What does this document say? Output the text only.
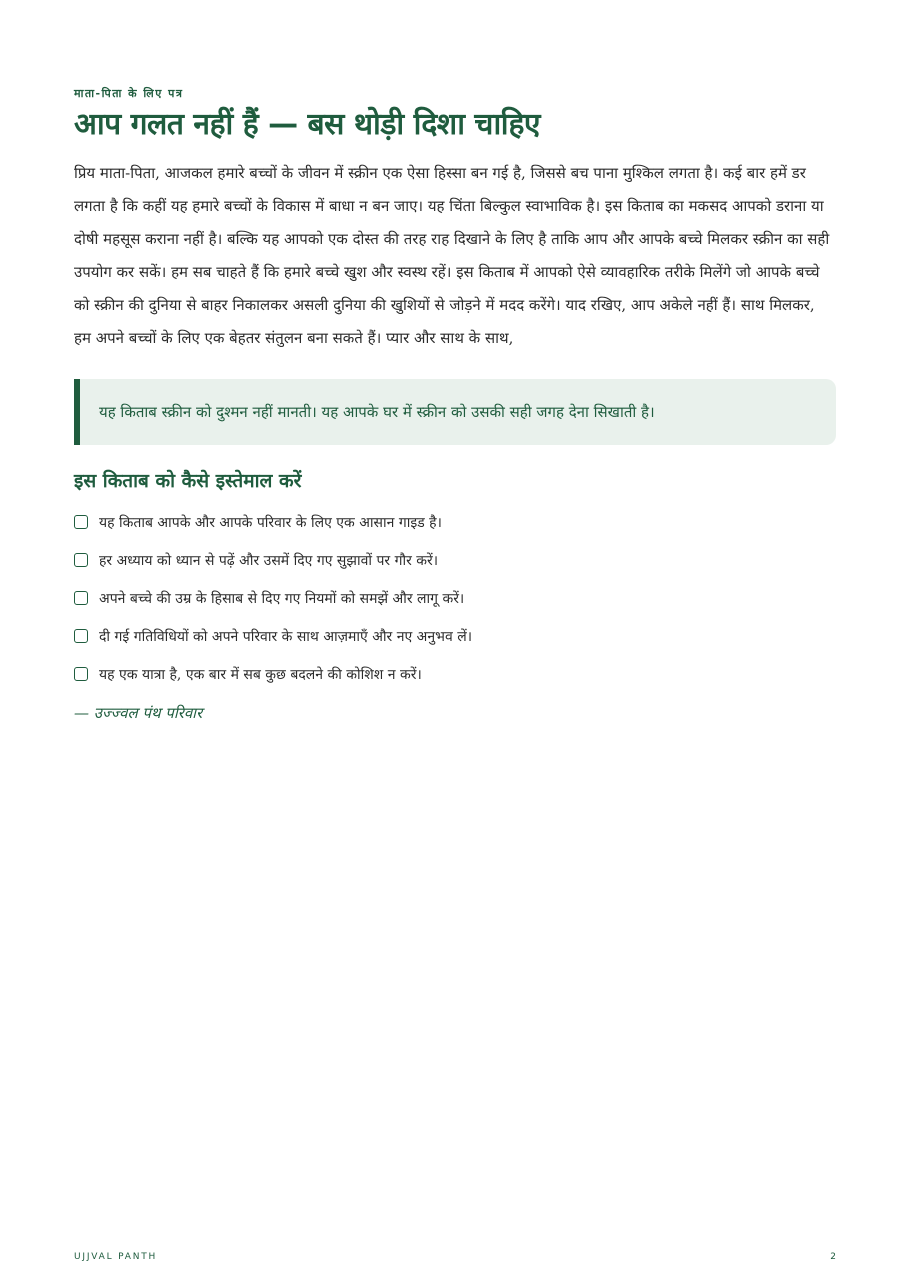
माता-पिता के लिए पत्र
आप गलत नहीं हैं — बस थोड़ी दिशा चाहिए

प्रिय माता-पिता, आजकल हमारे बच्चों के जीवन में स्क्रीन एक ऐसा हिस्सा बन गई है, जिससे बच पाना मुश्किल लगता है। कई बार हमें डर लगता है कि कहीं यह हमारे बच्चों के विकास में बाधा न बन जाए। यह चिंता बिल्कुल स्वाभाविक है। इस किताब का मकसद आपको डराना या दोषी महसूस कराना नहीं है। बल्कि यह आपको एक दोस्त की तरह राह दिखाने के लिए है ताकि आप और आपके बच्चे मिलकर स्क्रीन का सही उपयोग कर सकें। हम सब चाहते हैं कि हमारे बच्चे खुश और स्वस्थ रहें। इस किताब में आपको ऐसे व्यावहारिक तरीके मिलेंगे जो आपके बच्चे को स्क्रीन की दुनिया से बाहर निकालकर असली दुनिया की खुशियों से जोड़ने में मदद करेंगे। याद रखिए, आप अकेले नहीं हैं। साथ मिलकर, हम अपने बच्चों के लिए एक बेहतर संतुलन बना सकते हैं। प्यार और साथ के साथ,

यह किताब स्क्रीन को दुश्मन नहीं मानती। यह आपके घर में स्क्रीन को उसकी सही जगह देना सिखाती है।
इस किताब को कैसे इस्तेमाल करें
यह किताब आपके और आपके परिवार के लिए एक आसान गाइड है।
हर अध्याय को ध्यान से पढ़ें और उसमें दिए गए सुझावों पर गौर करें।
अपने बच्चे की उम्र के हिसाब से दिए गए नियमों को समझें और लागू करें।
दी गई गतिविधियों को अपने परिवार के साथ आज़माएँ और नए अनुभव लें।
यह एक यात्रा है, एक बार में सब कुछ बदलने की कोशिश न करें।
— उज्ज्वल पंथ परिवार
UJJVAL PANTH	2
